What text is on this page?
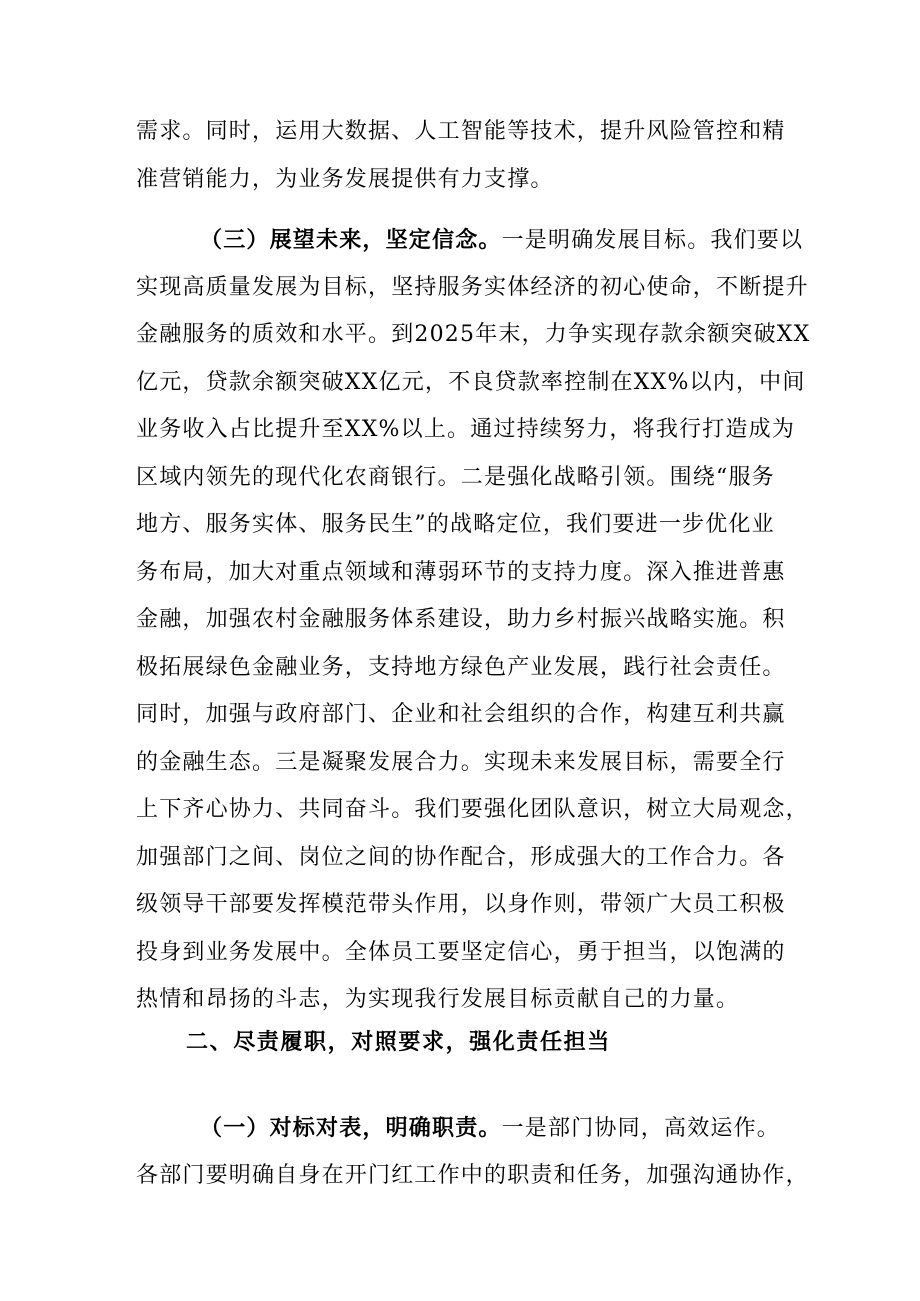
需求。同时，运用大数据、人工智能等技术，提升风险管控和精
准营销能力，为业务发展提供有力支撑。
（三）展望未来，坚定信念。一是明确发展目标。我们要以
实现高质量发展为目标，坚持服务实体经济的初心使命，不断提升
金融服务的质效和水平。到2025年末，力争实现存款余额突破XX
亿元，贷款余额突破XX亿元，不良贷款率控制在XX%以内，中间
业务收入占比提升至XX%以上。通过持续努力，将我行打造成为
区域内领先的现代化农商银行。二是强化战略引领。围绕“服务
地方、服务实体、服务民生”的战略定位，我们要进一步优化业
务布局，加大对重点领域和薄弱环节的支持力度。深入推进普惠
金融，加强农村金融服务体系建设，助力乡村振兴战略实施。积
极拓展绿色金融业务，支持地方绿色产业发展，践行社会责任。
同时，加强与政府部门、企业和社会组织的合作，构建互利共赢
的金融生态。三是凝聚发展合力。实现未来发展目标，需要全行
上下齐心协力、共同奋斗。我们要强化团队意识，树立大局观念，
加强部门之间、岗位之间的协作配合，形成强大的工作合力。各
级领导干部要发挥模范带头作用，以身作则，带领广大员工积极
投身到业务发展中。全体员工要坚定信心，勇于担当，以饱满的
热情和昂扬的斗志，为实现我行发展目标贡献自己的力量。
二、尽责履职，对照要求，强化责任担当
（一）对标对表，明确职责。一是部门协同，高效运作。
各部门要明确自身在开门红工作中的职责和任务，加强沟通协作，
